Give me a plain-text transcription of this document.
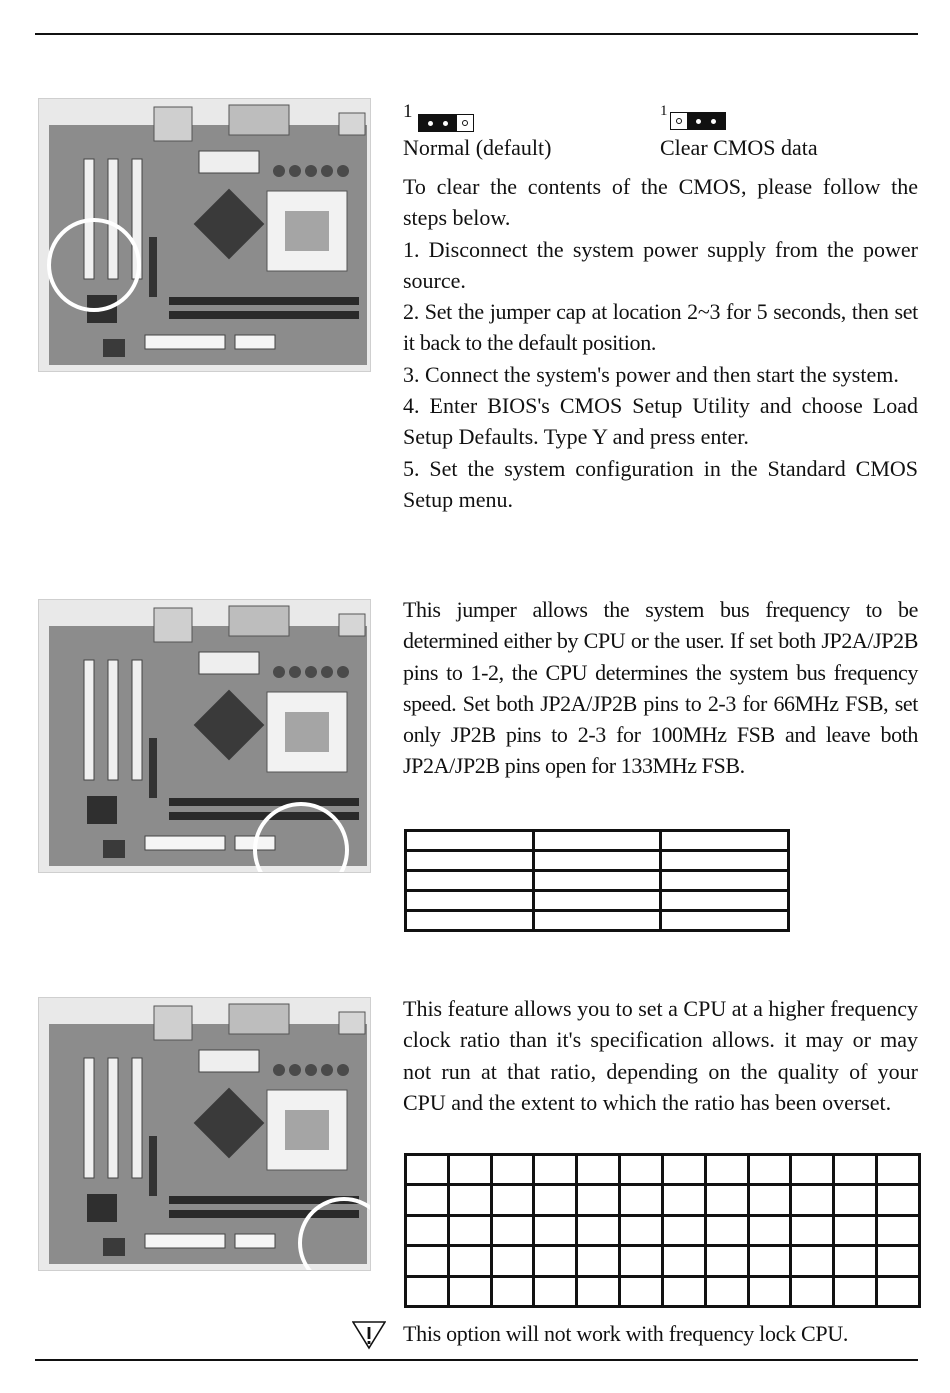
1
Normal (default)
1
Clear CMOS data

To clear the contents of the CMOS, please follow the steps below.

1. Disconnect the system power supply from the power source.

2. Set the jumper cap at location 2~3 for 5 seconds, then set it back to the default position.

3. Connect the system's power and then start the system.

4. Enter BIOS's CMOS Setup Utility and choose Load Setup Defaults. Type Y and press enter.

5. Set the system configuration in the Standard CMOS Setup menu.

This jumper allows the system bus frequency to be determined either by CPU or the user. If set both JP2A/JP2B pins to 1-2, the CPU determines the system bus frequency speed. Set both JP2A/JP2B pins to 2-3 for 66MHz FSB, set only JP2B pins to 2-3 for 100MHz FSB and leave both JP2A/JP2B pins open for 133MHz FSB.

This feature allows you to set a CPU at a higher frequency clock ratio than it's specification allows. it may or may not run at that ratio, depending on the quality of your CPU and the extent to which the ratio has been overset.

This option will not work with frequency lock CPU.
